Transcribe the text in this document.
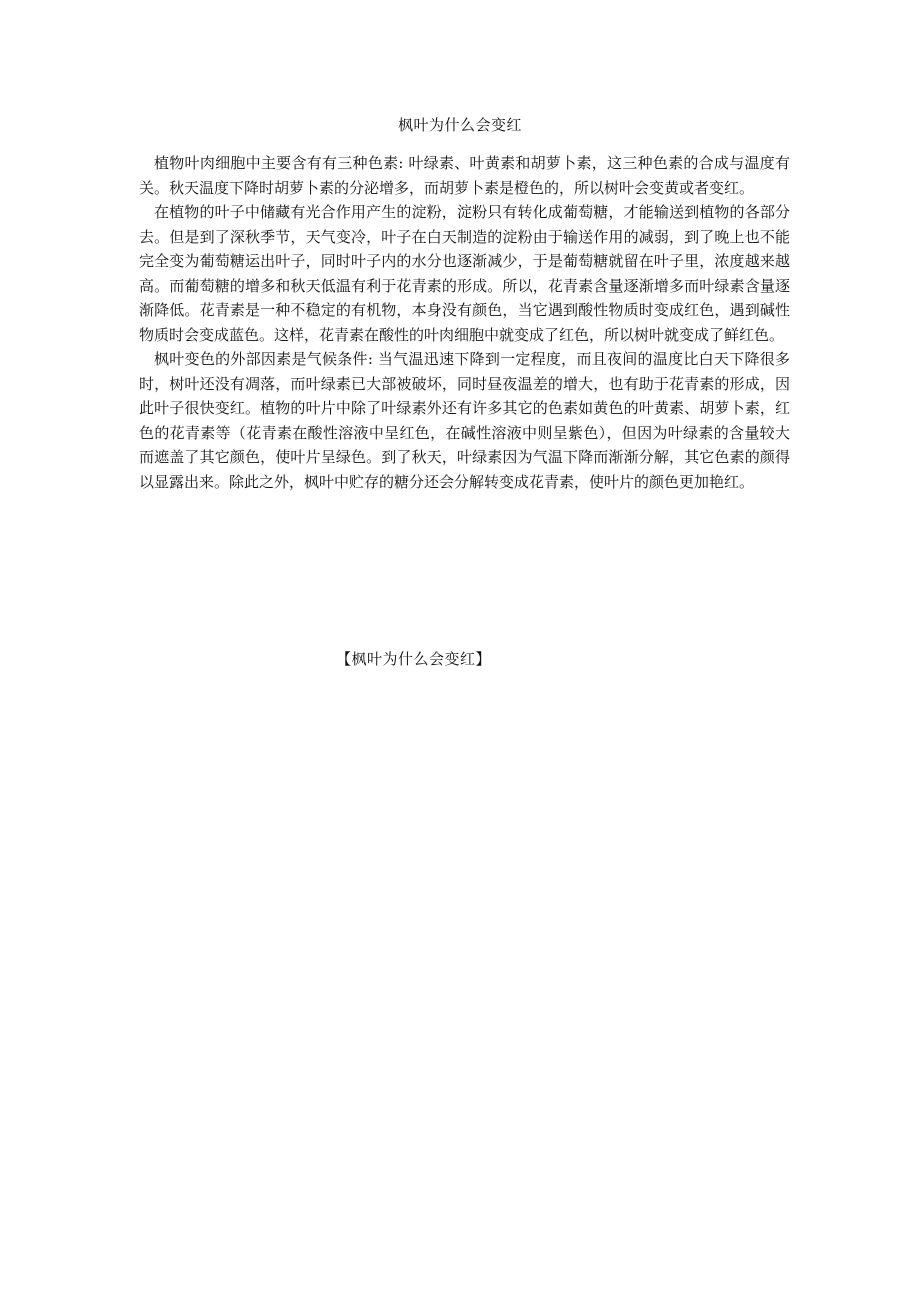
枫叶为什么会变红

植物叶肉细胞中主要含有有三种色素: 叶绿素、叶黄素和胡萝卜素，这三种色素的合成与温度有关。秋天温度下降时胡萝卜素的分泌增多，而胡萝卜素是橙色的，所以树叶会变黄或者变红。

在植物的叶子中储藏有光合作用产生的淀粉，淀粉只有转化成葡萄糖，才能输送到植物的各部分去。但是到了深秋季节，天气变冷，叶子在白天制造的淀粉由于输送作用的减弱，到了晚上也不能完全变为葡萄糖运出叶子，同时叶子内的水分也逐渐减少，于是葡萄糖就留在叶子里，浓度越来越高。而葡萄糖的增多和秋天低温有利于花青素的形成。所以，花青素含量逐渐增多而叶绿素含量逐渐降低。花青素是一种不稳定的有机物，本身没有颜色，当它遇到酸性物质时变成红色，遇到碱性物质时会变成蓝色。这样，花青素在酸性的叶肉细胞中就变成了红色，所以树叶就变成了鲜红色。

枫叶变色的外部因素是气候条件: 当气温迅速下降到一定程度，而且夜间的温度比白天下降很多时，树叶还没有凋落，而叶绿素已大部被破坏，同时昼夜温差的增大，也有助于花青素的形成，因此叶子很快变红。植物的叶片中除了叶绿素外还有许多其它的色素如黄色的叶黄素、胡萝卜素，红色的花青素等（花青素在酸性溶液中呈红色，在碱性溶液中则呈紫色），但因为叶绿素的含量较大而遮盖了其它颜色，使叶片呈绿色。到了秋天，叶绿素因为气温下降而渐渐分解，其它色素的颜得以显露出来。除此之外，枫叶中贮存的糖分还会分解转变成花青素，使叶片的颜色更加艳红。

【枫叶为什么会变红】
